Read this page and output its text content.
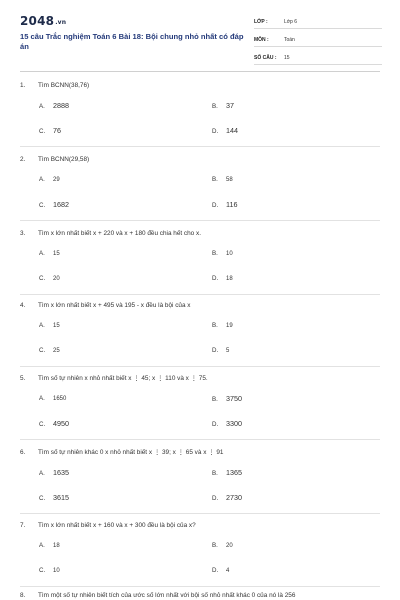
2048.vn
15 câu Trắc nghiệm Toán 6 Bài 18: Bội chung nhỏ nhất có đáp án
LỚP :	Lớp 6
MÔN :	Toán
SỐ CÂU : 15
1. Tìm BCNN(38,76)
A. 2888	B. 37
C. 76	D. 144
2. Tìm BCNN(29,58)
A. 29	B. 58
C. 1682	D. 116
3. Tìm x lớn nhất biết x + 220 và x + 180 đều chia hết cho x.
A. 15	B. 10
C. 20	D. 18
4. Tìm x lớn nhất biết x + 495 và 195 - x đều là bội của x
A. 15	B. 19
C. 25	D. 5
5. Tìm số tự nhiên x nhỏ nhất biết x ⋮ 45; x ⋮ 110 và x ⋮ 75.
A. 1650	B. 3750
C. 4950	D. 3300
6. Tìm số tự nhiên khác 0 x nhỏ nhất biết x ⋮ 39; x ⋮ 65 và x ⋮ 91
A. 1635	B. 1365
C. 3615	D. 2730
7. Tìm x lớn nhất biết x + 160 và x + 300 đều là bội của x?
A. 18	B. 20
C. 10	D. 4
8. Tìm một số tự nhiên biết tích của ước số lớn nhất với bội số nhỏ nhất khác 0 của nó là 256
